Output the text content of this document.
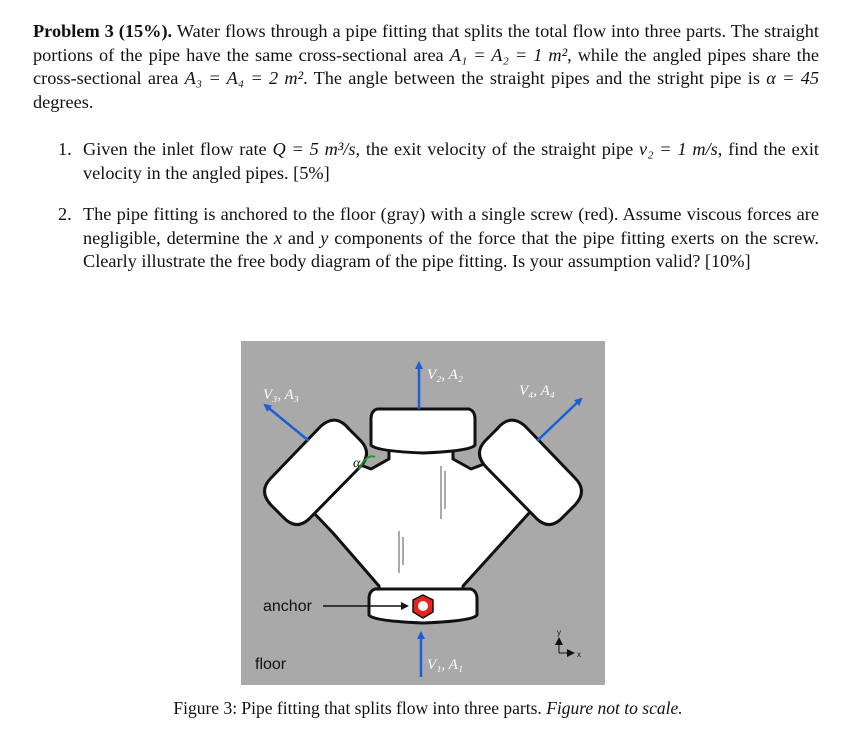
Problem 3 (15%). Water flows through a pipe fitting that splits the total flow into three parts. The straight portions of the pipe have the same cross-sectional area A₁ = A₂ = 1 m², while the angled pipes share the cross-sectional area A₃ = A₄ = 2 m². The angle between the straight pipes and the stright pipe is α = 45 degrees.
1. Given the inlet flow rate Q = 5 m³/s, the exit velocity of the straight pipe v₂ = 1 m/s, find the exit velocity in the angled pipes. [5%]
2. The pipe fitting is anchored to the floor (gray) with a single screw (red). Assume viscous forces are negligible, determine the x and y components of the force that the pipe fitting exerts on the screw. Clearly illustrate the free body diagram of the pipe fitting. Is your assumption valid? [10%]
α
V₂, A₂
V₃, A₃	V₄, A₄
V₁, A₁
anchor
floor
y
x
Figure 3: Pipe fitting that splits flow into three parts. Figure not to scale.
